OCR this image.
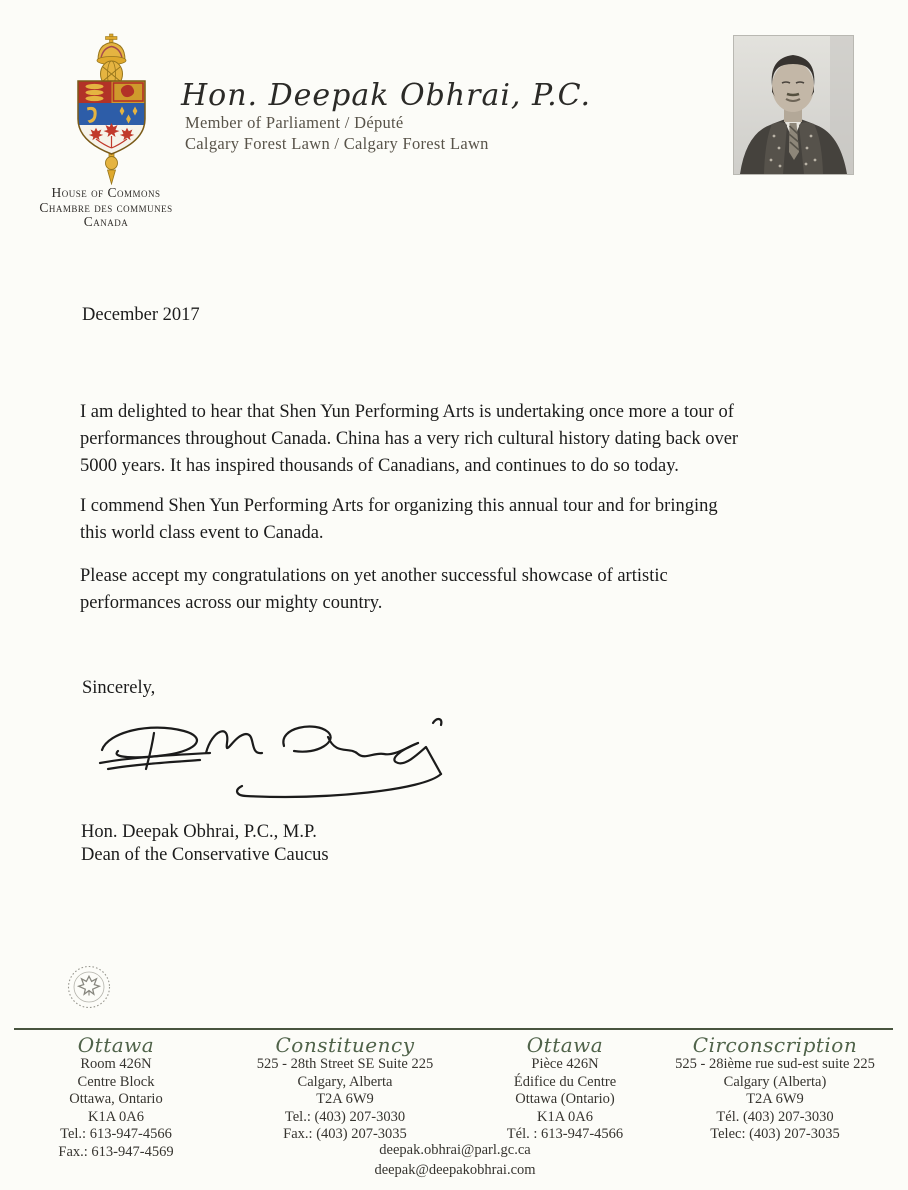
House of Commons
Chambre des communes
Canada
Hon. Deepak Obhrai, P.C.
Member of Parliament / Député
Calgary Forest Lawn / Calgary Forest Lawn
December 2017
I am delighted to hear that Shen Yun Performing Arts is undertaking once more a tour of
performances throughout Canada. China has a very rich cultural history dating back over
5000 years. It has inspired thousands of Canadians, and continues to do so today.
I commend Shen Yun Performing Arts for organizing this annual tour and for bringing
this world class event to Canada.
Please accept my congratulations on yet another successful showcase of artistic
performances across our mighty country.
Sincerely,
Hon. Deepak Obhrai, P.C., M.P.
Dean of the Conservative Caucus
Ottawa
Room 426N
Centre Block
Ottawa, Ontario
K1A 0A6
Tel.: 613-947-4566
Fax.: 613-947-4569
Constituency
525 - 28th Street SE Suite 225
Calgary, Alberta
T2A 6W9
Tel.: (403) 207-3030
Fax.: (403) 207-3035
Ottawa
Pièce 426N
Édifice du Centre
Ottawa (Ontario)
K1A 0A6
Tél. : 613-947-4566
Circonscription
525 - 28ième rue sud-est suite 225
Calgary (Alberta)
T2A 6W9
Tél. (403) 207-3030
Telec: (403) 207-3035
deepak.obhrai@parl.gc.ca
deepak@deepakobhrai.com
